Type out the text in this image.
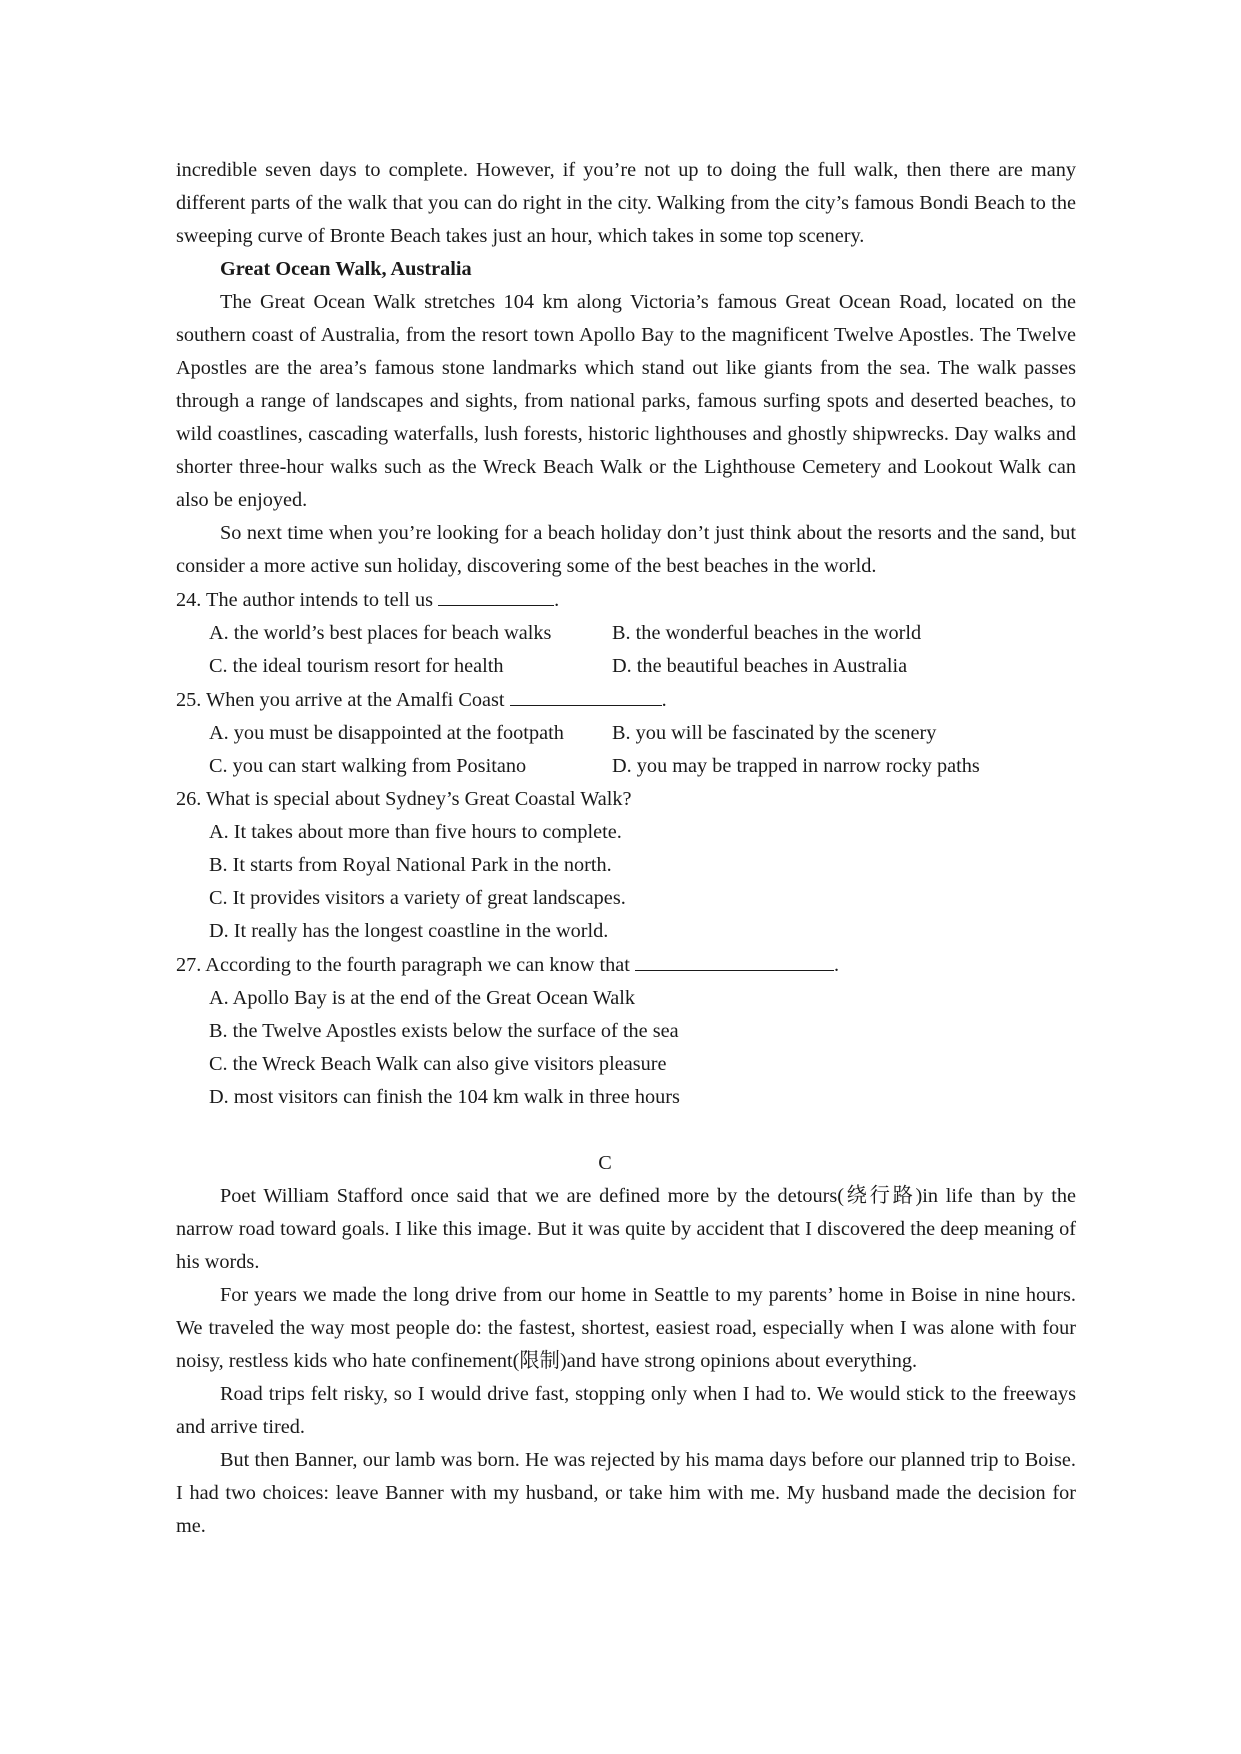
incredible seven days to complete. However, if you’re not up to doing the full walk, then there are many different parts of the walk that you can do right in the city. Walking from the city’s famous Bondi Beach to the sweeping curve of Bronte Beach takes just an hour, which takes in some top scenery.

Great Ocean Walk, Australia

The Great Ocean Walk stretches 104 km along Victoria’s famous Great Ocean Road, located on the southern coast of Australia, from the resort town Apollo Bay to the magnificent Twelve Apostles. The Twelve Apostles are the area’s famous stone landmarks which stand out like giants from the sea. The walk passes through a range of landscapes and sights, from national parks, famous surfing spots and deserted beaches, to wild coastlines, cascading waterfalls, lush forests, historic lighthouses and ghostly shipwrecks. Day walks and shorter three-hour walks such as the Wreck Beach Walk or the Lighthouse Cemetery and Lookout Walk can also be enjoyed.

So next time when you’re looking for a beach holiday don’t just think about the resorts and the sand, but consider a more active sun holiday, discovering some of the best beaches in the world.

24. The author intends to tell us	.
A. the world’s best places for beach walks	B. the wonderful beaches in the world
C. the ideal tourism resort for health	D. the beautiful beaches in Australia
25. When you arrive at the Amalfi Coast	.
A. you must be disappointed at the footpath	B. you will be fascinated by the scenery
C. you can start walking from Positano	D. you may be trapped in narrow rocky paths
26. What is special about Sydney’s Great Coastal Walk?
A. It takes about more than five hours to complete.
B. It starts from Royal National Park in the north.
C. It provides visitors a variety of great landscapes.
D. It really has the longest coastline in the world.
27. According to the fourth paragraph we can know that	.
A. Apollo Bay is at the end of the Great Ocean Walk
B. the Twelve Apostles exists below the surface of the sea
C. the Wreck Beach Walk can also give visitors pleasure
D. most visitors can finish the 104 km walk in three hours
C

Poet William Stafford once said that we are defined more by the detours(绕行路)in life than by the narrow road toward goals. I like this image. But it was quite by accident that I discovered the deep meaning of his words.

For years we made the long drive from our home in Seattle to my parents’ home in Boise in nine hours. We traveled the way most people do: the fastest, shortest, easiest road, especially when I was alone with four noisy, restless kids who hate confinement(限制)and have strong opinions about everything.

Road trips felt risky, so I would drive fast, stopping only when I had to. We would stick to the freeways and arrive tired.

But then Banner, our lamb was born. He was rejected by his mama days before our planned trip to Boise. I had two choices: leave Banner with my husband, or take him with me. My husband made the decision for me.
